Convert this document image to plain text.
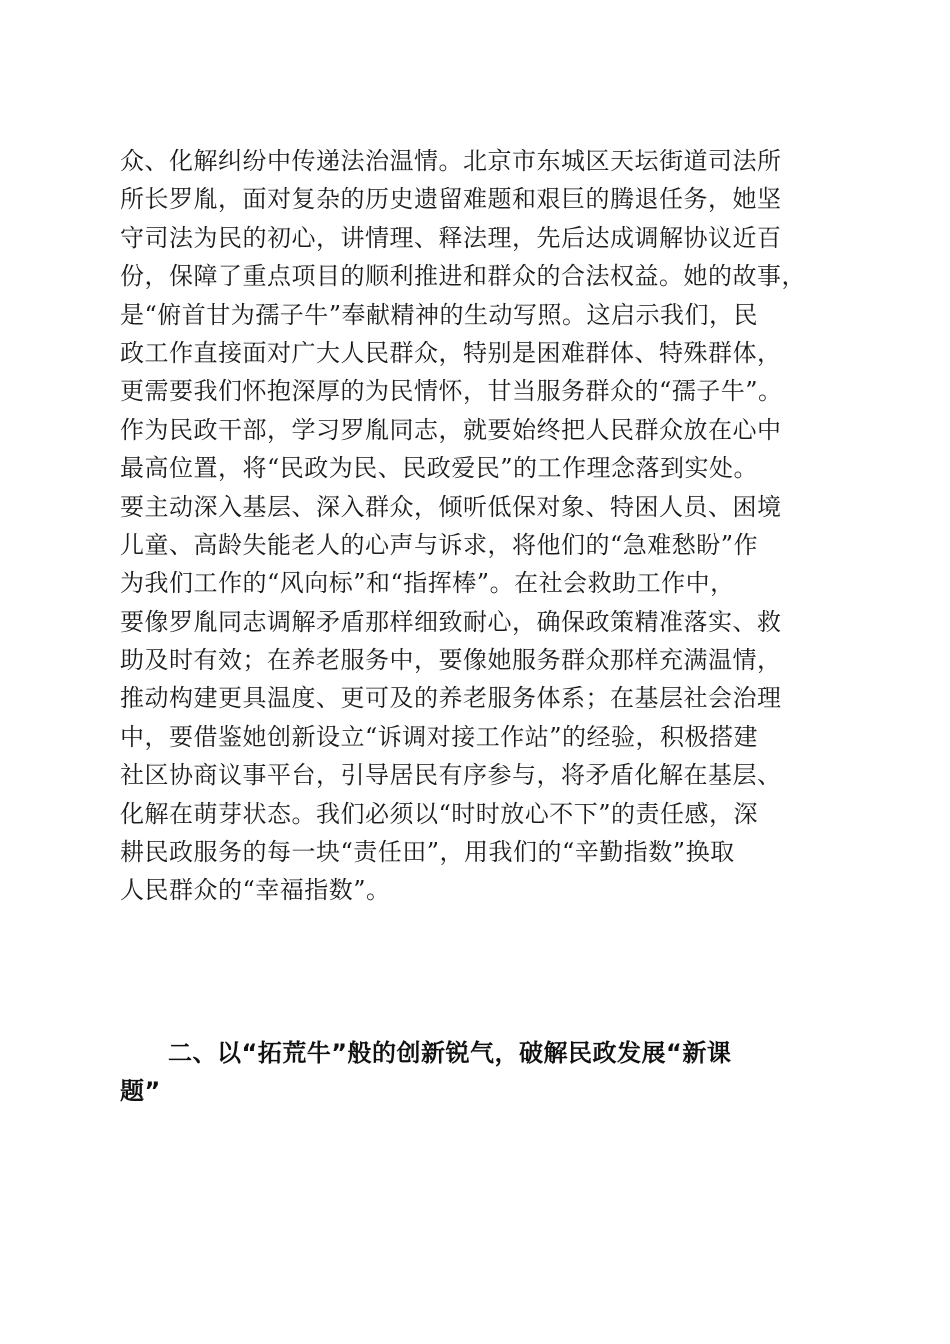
众、化解纠纷中传递法治温情。北京市东城区天坛街道司法所
所长罗胤，面对复杂的历史遗留难题和艰巨的腾退任务，她坚
守司法为民的初心，讲情理、释法理，先后达成调解协议近百
份，保障了重点项目的顺利推进和群众的合法权益。她的故事，
是“俯首甘为孺子牛”奉献精神的生动写照。这启示我们，民
政工作直接面对广大人民群众，特别是困难群体、特殊群体，
更需要我们怀抱深厚的为民情怀，甘当服务群众的“孺子牛”。
作为民政干部，学习罗胤同志，就要始终把人民群众放在心中
最高位置，将“民政为民、民政爱民”的工作理念落到实处。
要主动深入基层、深入群众，倾听低保对象、特困人员、困境
儿童、高龄失能老人的心声与诉求，将他们的“急难愁盼”作
为我们工作的“风向标”和“指挥棒”。在社会救助工作中，
要像罗胤同志调解矛盾那样细致耐心，确保政策精准落实、救
助及时有效；在养老服务中，要像她服务群众那样充满温情，
推动构建更具温度、更可及的养老服务体系；在基层社会治理
中，要借鉴她创新设立“诉调对接工作站”的经验，积极搭建
社区协商议事平台，引导居民有序参与，将矛盾化解在基层、
化解在萌芽状态。我们必须以“时时放心不下”的责任感，深
耕民政服务的每一块“责任田”，用我们的“辛勤指数”换取
人民群众的“幸福指数”。
二、以“拓荒牛”般的创新锐气，破解民政发展“新课
题”
